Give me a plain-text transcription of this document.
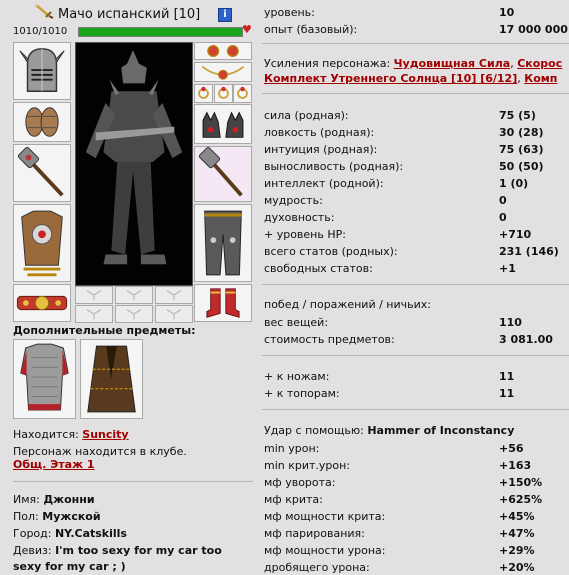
Мачо испанский [10]	i
1010/1010	♥
Дополнительные предметы:
Находится: Suncity
Персонаж находится в клубе.
Общ. Этаж 1
Имя: Джонни
Пол: Мужской
Город: NY.Catskills
Девиз: I'm too sexy for my car too sexy for my car ; )
уровень:	10
опыт (базовый):	17 000 000
Усиления персонажа: Чудовищная Сила, Скорос
Комплект Утреннего Солнца [10] [6/12], Комп
сила (родная):	75 (5)
ловкость (родная):	30 (28)
интуиция (родная):	75 (63)
выносливость (родная):	50 (50)
интеллект (родной):	1 (0)
мудрость:	0
духовность:	0
+ уровень HP:	+710
всего статов (родных):	231 (146)
свободных статов:	+1
побед / поражений / ничьих:
вес вещей:	110
стоимость предметов:	3 081.00
+ к ножам:	11
+ к топорам:	11
Удар с помощью: Hammer of Inconstancy
min урон:	+56
min крит.урон:	+163
мф уворота:	+150%
мф крита:	+625%
мф мощности крита:	+45%
мф парирования:	+47%
мф мощности урона:	+29%
дробящего урона:	+20%
